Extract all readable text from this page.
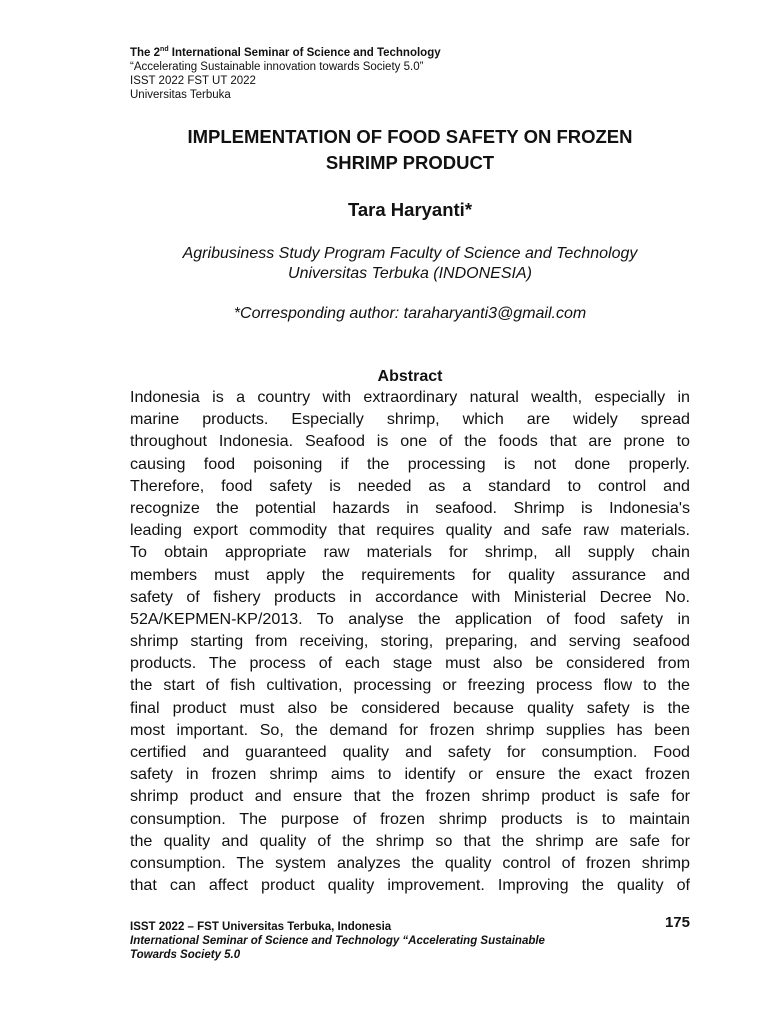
The 2nd International Seminar of Science and Technology
“Accelerating Sustainable innovation towards Society 5.0”
ISST 2022 FST UT 2022
Universitas Terbuka
IMPLEMENTATION OF FOOD SAFETY ON FROZEN
SHRIMP PRODUCT
Tara Haryanti*
Agribusiness Study Program Faculty of Science and Technology
Universitas Terbuka (INDONESIA)
*Corresponding author: taraharyanti3@gmail.com
Abstract
Indonesia is a country with extraordinary natural wealth, especially in
marine products. Especially shrimp, which are widely spread
throughout Indonesia. Seafood is one of the foods that are prone to
causing food poisoning if the processing is not done properly.
Therefore, food safety is needed as a standard to control and
recognize the potential hazards in seafood. Shrimp is Indonesia's
leading export commodity that requires quality and safe raw materials.
To obtain appropriate raw materials for shrimp, all supply chain
members must apply the requirements for quality assurance and
safety of fishery products in accordance with Ministerial Decree No.
52A/KEPMEN-KP/2013. To analyse the application of food safety in
shrimp starting from receiving, storing, preparing, and serving seafood
products. The process of each stage must also be considered from
the start of fish cultivation, processing or freezing process flow to the
final product must also be considered because quality safety is the
most important. So, the demand for frozen shrimp supplies has been
certified and guaranteed quality and safety for consumption. Food
safety in frozen shrimp aims to identify or ensure the exact frozen
shrimp product and ensure that the frozen shrimp product is safe for
consumption. The purpose of frozen shrimp products is to maintain
the quality and quality of the shrimp so that the shrimp are safe for
consumption. The system analyzes the quality control of frozen shrimp
that can affect product quality improvement. Improving the quality of
ISST 2022 – FST Universitas Terbuka, Indonesia
International Seminar of Science and Technology “Accelerating Sustainable
Towards Society 5.0
175
